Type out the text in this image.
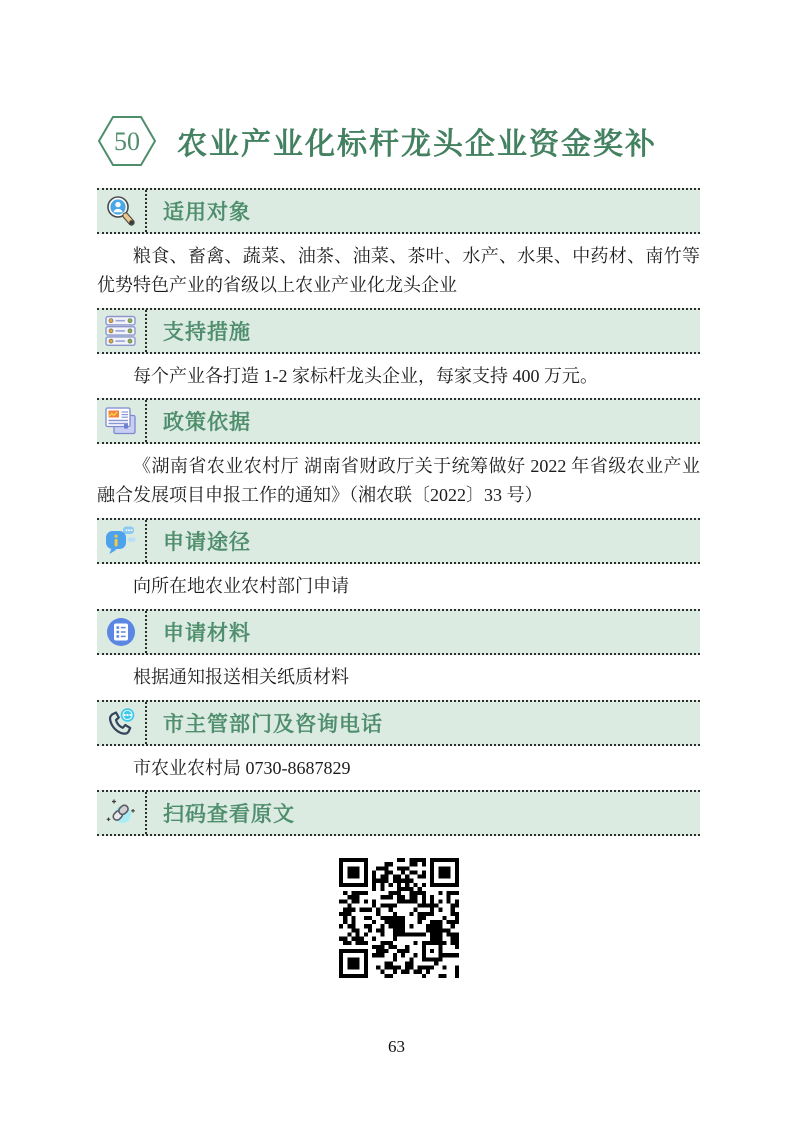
50 农业产业化标杆龙头企业资金奖补
适用对象

粮食、畜禽、蔬菜、油茶、油菜、茶叶、水产、水果、中药材、南竹等优势特色产业的省级以上农业产业化龙头企业

支持措施

每个产业各打造 1-2 家标杆龙头企业，每家支持 400 万元。

政策依据

《湖南省农业农村厅 湖南省财政厅关于统筹做好 2022 年省级农业产业融合发展项目申报工作的通知》（湘农联〔2022〕33 号）

申请途径

向所在地农业农村部门申请

申请材料

根据通知报送相关纸质材料

市主管部门及咨询电话

市农业农村局 0730-8687829

扫码查看原文
63
